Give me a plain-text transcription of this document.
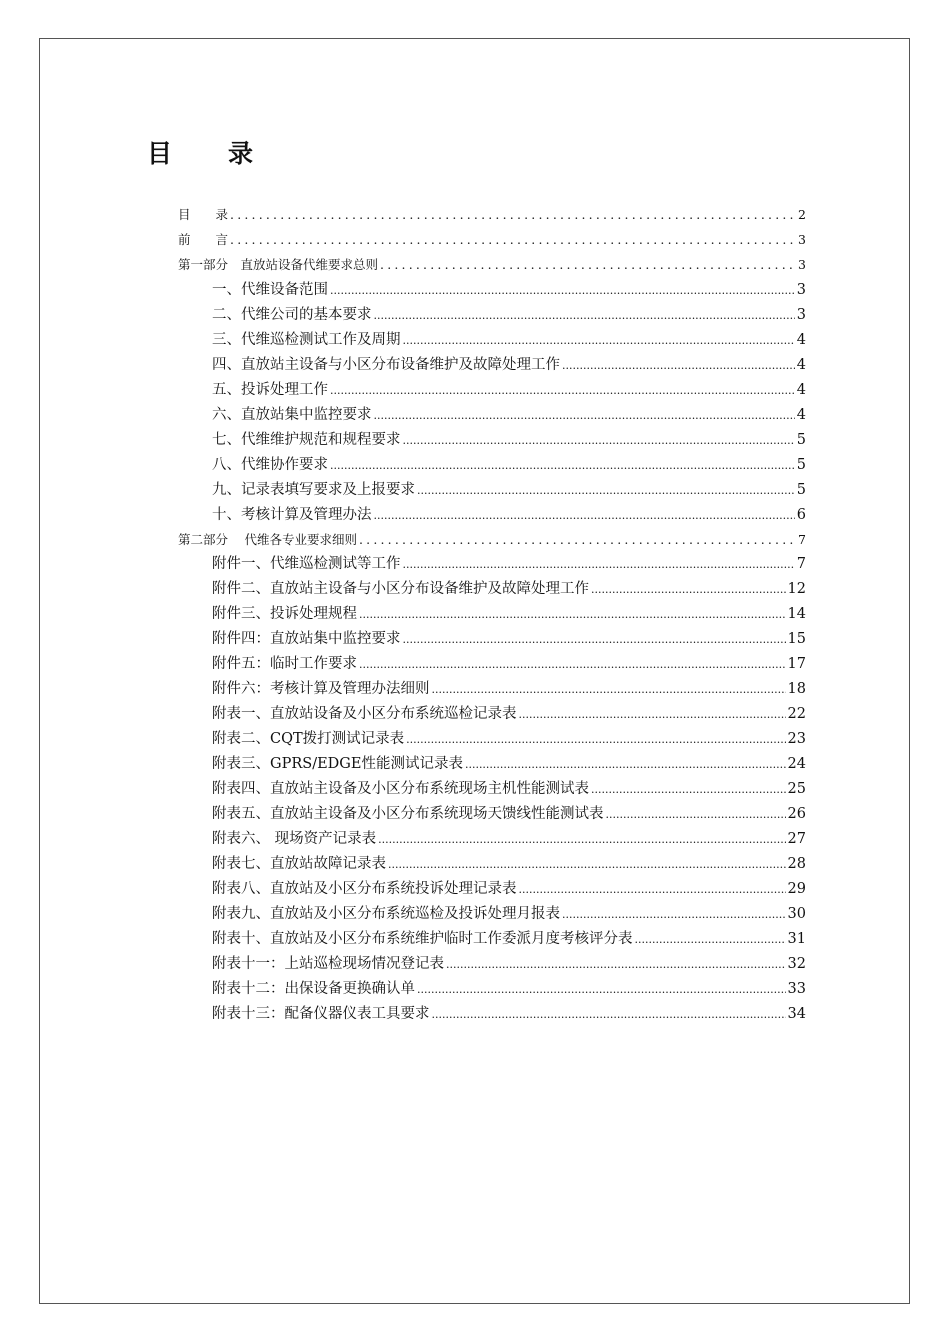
目　　录
目　　录 .....	2
前　　言 .....	3
第一部分　直放站设备代维要求总则 .....	3
一、 代维设备范围 .....	3
二、 代维公司的基本要求 .....	3
三、 代维巡检测试工作及周期 .....	4
四、 直放站主设备与小区分布设备维护及故障处理工作 .....	4
五、 投诉处理工作 .....	4
六、 直放站集中监控要求 .....	4
七、 代维维护规范和规程要求 .....	5
八、 代维协作要求 .....	5
九、 记录表填写要求及上报要求 .....	5
十、 考核计算及管理办法 .....	6
第二部分　 代维各专业要求细则 .....	7
附件一、代维巡检测试等工作 .....	7
附件二、直放站主设备与小区分布设备维护及故障处理工作 .....	12
附件三、投诉处理规程 .....	14
附件四：直放站集中监控要求 .....	15
附件五：临时工作要求 .....	17
附件六：考核计算及管理办法细则 .....	18
附表一、直放站设备及小区分布系统巡检记录表 .....	22
附表二、CQT拨打测试记录表 .....	23
附表三、GPRS/EDGE性能测试记录表 .....	24
附表四、直放站主设备及小区分布系统现场主机性能测试表 .....	25
附表五、直放站主设备及小区分布系统现场天馈线性能测试表 .....	26
附表六、 现场资产记录表 .....	27
附表七、直放站故障记录表 .....	28
附表八、直放站及小区分布系统投诉处理记录表 .....	29
附表九、直放站及小区分布系统巡检及投诉处理月报表 .....	30
附表十、直放站及小区分布系统维护临时工作委派月度考核评分表 .....	31
附表十一：上站巡检现场情况登记表 .....	32
附表十二：出保设备更换确认单 .....	33
附表十三：配备仪器仪表工具要求 .....	34
